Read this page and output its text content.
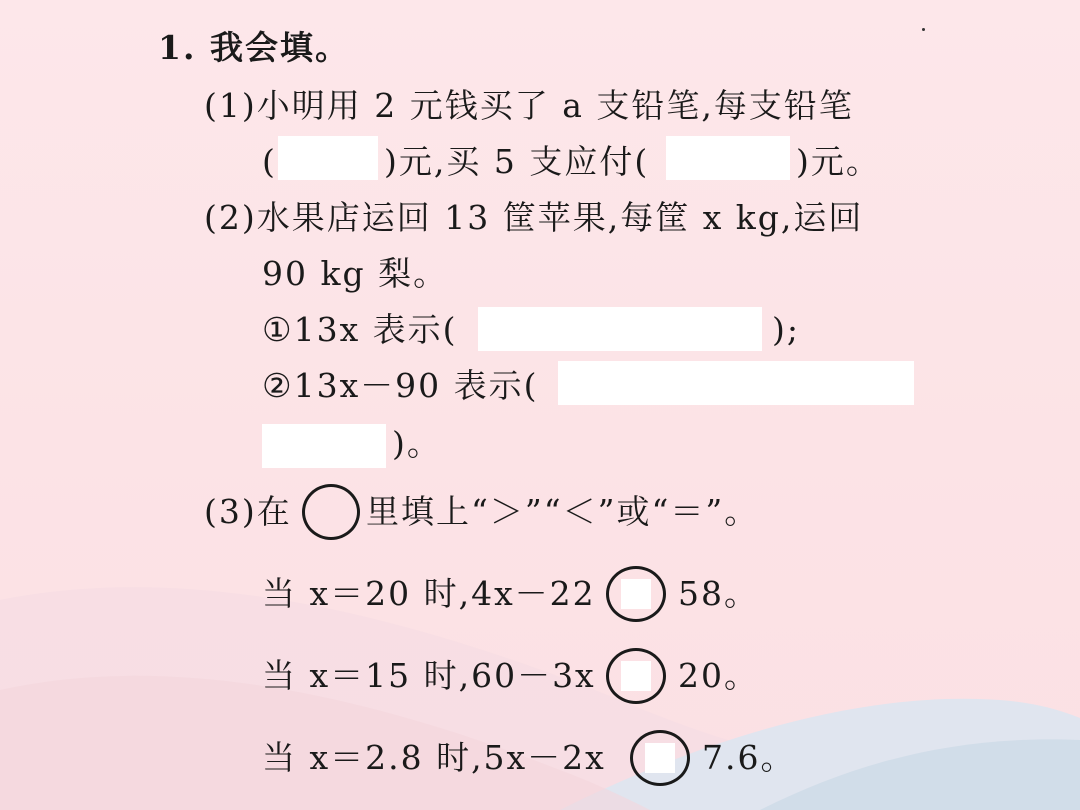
1. 我会填。
(1)小明用 2 元钱买了 a 支铅笔,每支铅笔
(	)元,买 5 支应付(	)元。
(2)水果店运回 13 筐苹果,每筐 x kg,运回
90 kg 梨。
①13x 表示(	);
②13x－90 表示(
)。
(3)在 里填上“＞”“＜”或“＝”。
当 x＝20 时,4x－22 58。
当 x＝15 时,60－3x 20。
当 x＝2.8 时,5x－2x	7.6。
